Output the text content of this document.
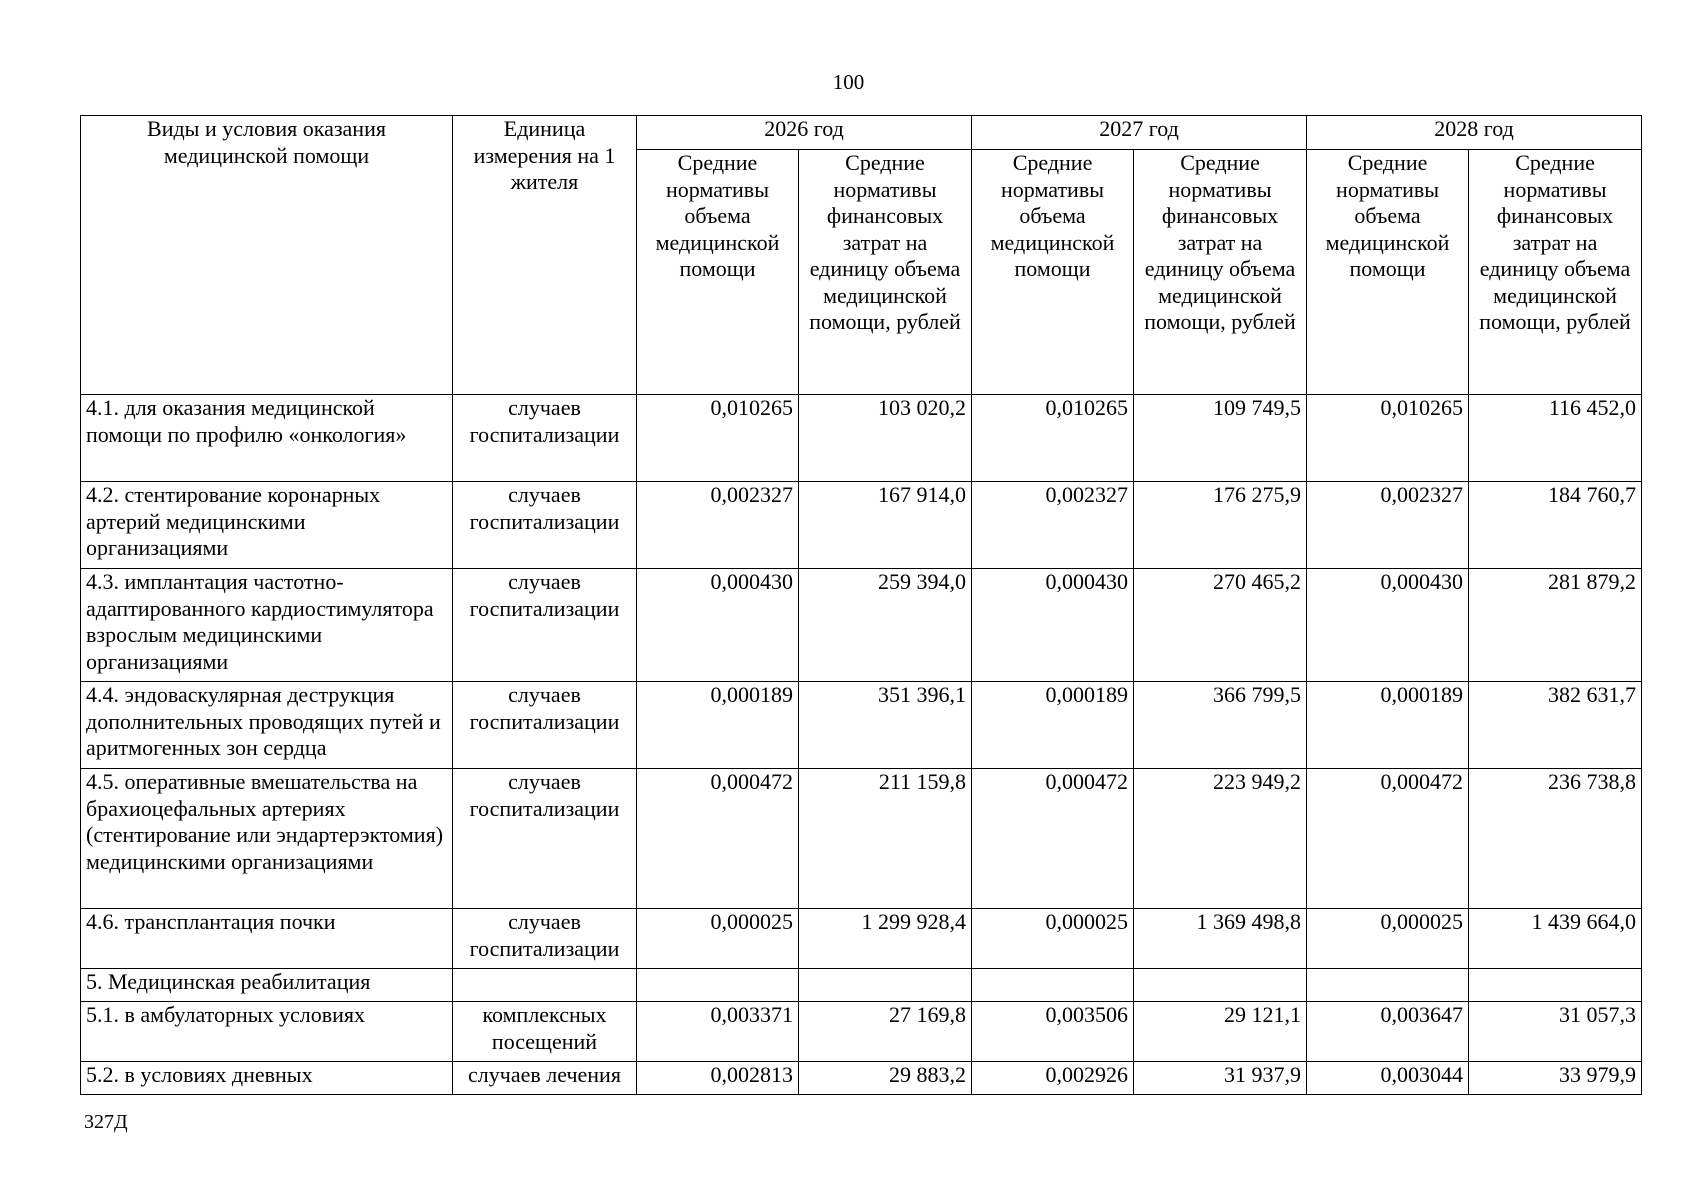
100
Виды и условия оказания медицинской помощи	Единица измерения на 1 жителя	2026 год		2027 год		2028 год	
		Средние нормативы объема медицинской помощи	Средние нормативы финансовых затрат на единицу объема медицинской помощи, рублей	Средние нормативы объема медицинской помощи	Средние нормативы финансовых затрат на единицу объема медицинской помощи, рублей	Средние нормативы объема медицинской помощи	Средние нормативы финансовых затрат на единицу объема медицинской помощи, рублей
4.1. для оказания медицинской помощи по профилю «онкология»	случаев госпитализации	0,010265	103 020,2	0,010265	109 749,5	0,010265	116 452,0
4.2. стентирование коронарных артерий медицинскими организациями	случаев госпитализации	0,002327	167 914,0	0,002327	176 275,9	0,002327	184 760,7
4.3. имплантация частотно-адаптированного кардиостимулятора взрослым медицинскими организациями	случаев госпитализации	0,000430	259 394,0	0,000430	270 465,2	0,000430	281 879,2
4.4. эндоваскулярная деструкция дополнительных проводящих путей и аритмогенных зон сердца	случаев госпитализации	0,000189	351 396,1	0,000189	366 799,5	0,000189	382 631,7
4.5. оперативные вмешательства на брахиоцефальных артериях (стентирование или эндартерэктомия) медицинскими организациями	случаев госпитализации	0,000472	211 159,8	0,000472	223 949,2	0,000472	236 738,8
4.6. трансплантация почки	случаев госпитализации	0,000025	1 299 928,4	0,000025	1 369 498,8	0,000025	1 439 664,0
5. Медицинская реабилитация							
5.1. в амбулаторных условиях	комплексных посещений	0,003371	27 169,8	0,003506	29 121,1	0,003647	31 057,3
5.2. в условиях дневных	случаев лечения	0,002813	29 883,2	0,002926	31 937,9	0,003044	33 979,9
327Д
